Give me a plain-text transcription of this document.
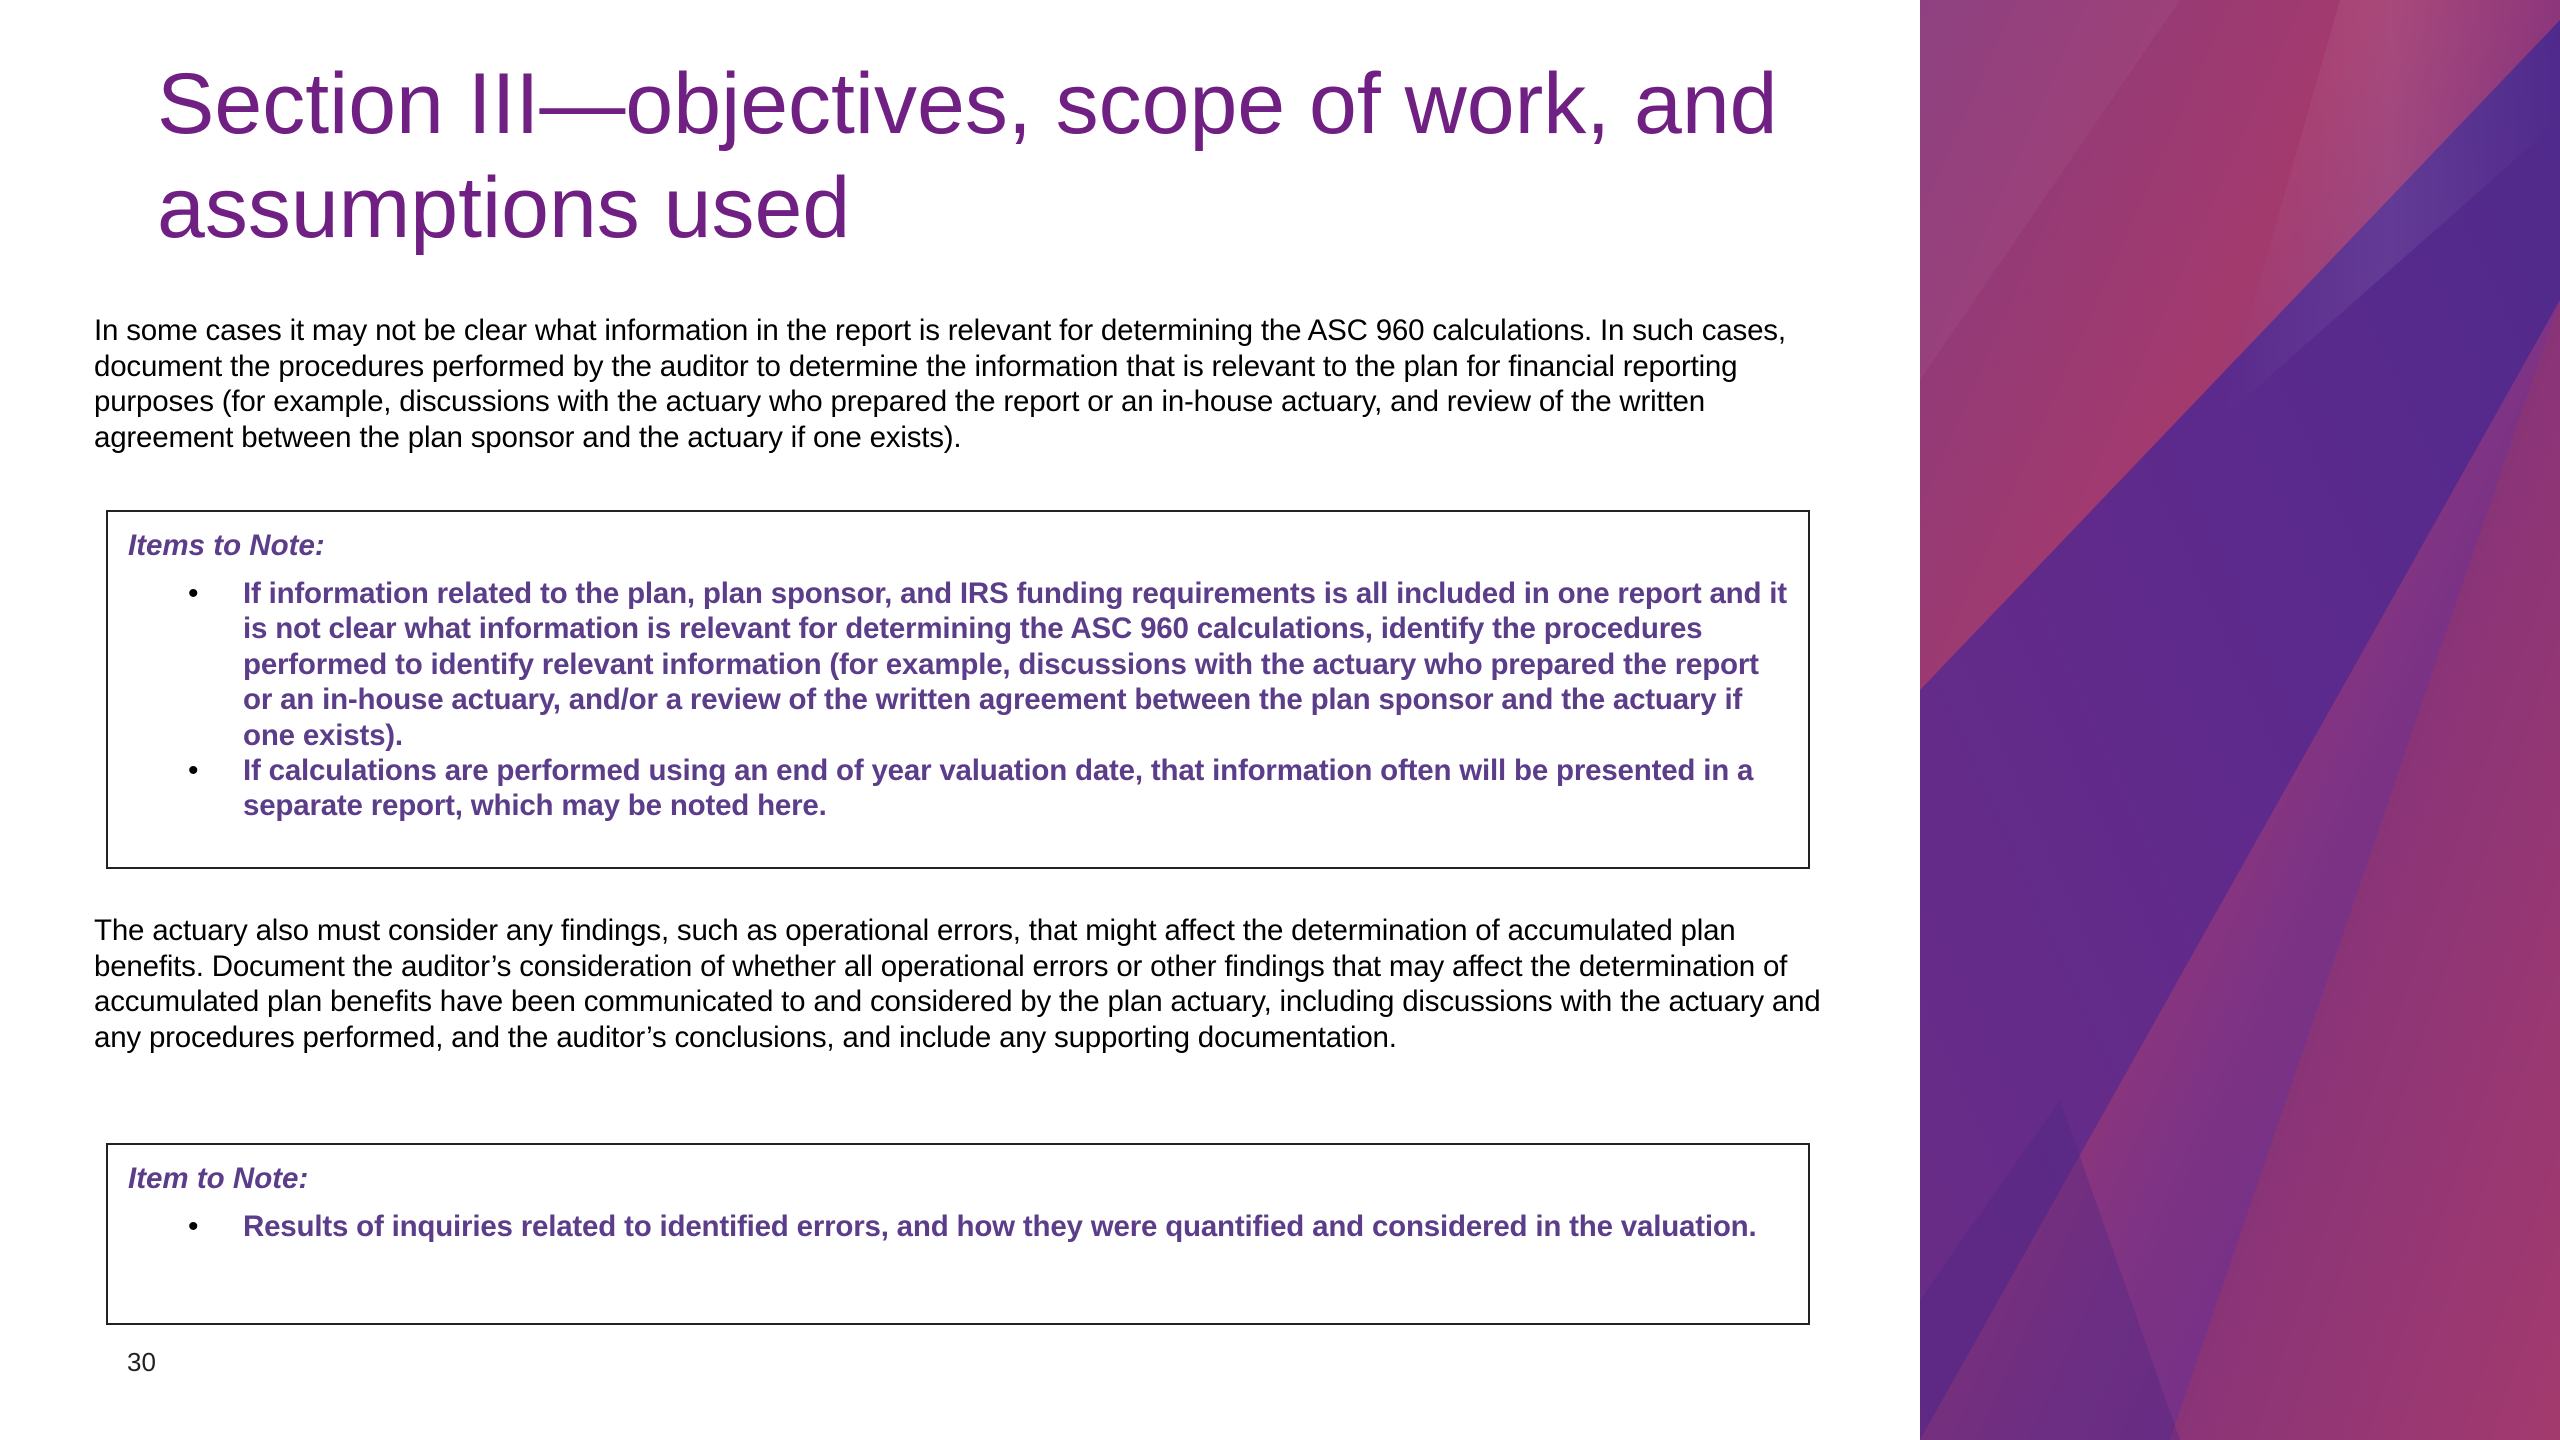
Section III—objectives, scope of work, and assumptions used

In some cases it may not be clear what information in the report is relevant for determining the ASC 960 calculations. In such cases, document the procedures performed by the auditor to determine the information that is relevant to the plan for financial reporting purposes (for example, discussions with the actuary who prepared the report or an in-house actuary, and review of the written agreement between the plan sponsor and the actuary if one exists).

Items to Note:

•	If information related to the plan, plan sponsor, and IRS funding requirements is all included in one report and it is not clear what information is relevant for determining the ASC 960 calculations, identify the procedures performed to identify relevant information (for example, discussions with the actuary who prepared the report or an in-house actuary, and/or a review of the written agreement between the plan sponsor and the actuary if one exists).
•	If calculations are performed using an end of year valuation date, that information often will be presented in a separate report, which may be noted here.

The actuary also must consider any findings, such as operational errors, that might affect the determination of accumulated plan benefits. Document the auditor’s consideration of whether all operational errors or other findings that may affect the determination of accumulated plan benefits have been communicated to and considered by the plan actuary, including discussions with the actuary and any procedures performed, and the auditor’s conclusions, and include any supporting documentation.

Item to Note:

•	Results of inquiries related to identified errors, and how they were quantified and considered in the valuation.

30
